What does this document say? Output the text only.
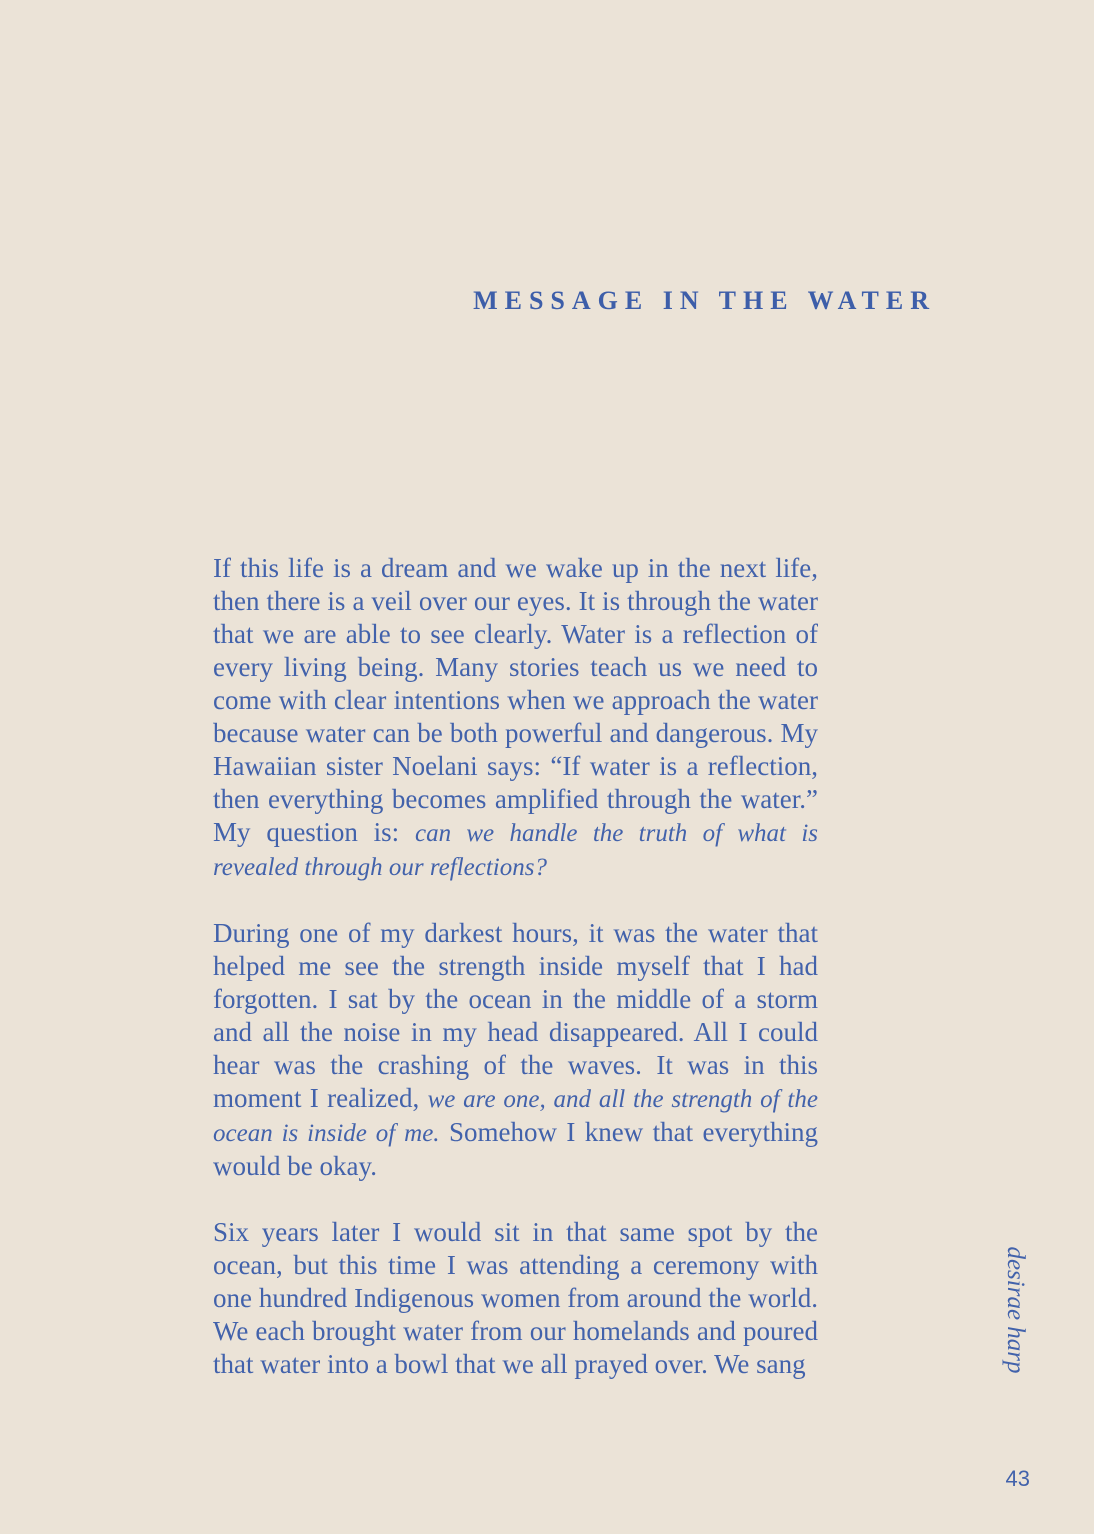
MESSAGE IN THE WATER

If this life is a dream and we wake up in the next life, then there is a veil over our eyes. It is through the water that we are able to see clearly. Water is a reflection of every living being. Many stories teach us we need to come with clear intentions when we approach the water because water can be both powerful and dangerous. My Hawaiian sister Noelani says: “If water is a reflection, then everything becomes amplified through the water.” My question is: can we handle the truth of what is revealed through our reflections?

During one of my darkest hours, it was the water that helped me see the strength inside myself that I had forgotten. I sat by the ocean in the middle of a storm and all the noise in my head disappeared. All I could hear was the crashing of the waves. It was in this moment I realized, we are one, and all the strength of the ocean is inside of me. Somehow I knew that everything would be okay.

Six years later I would sit in that same spot by the ocean, but this time I was attending a ceremony with one hundred Indigenous women from around the world. We each brought water from our homelands and poured that water into a bowl that we all prayed over. We sang	desirae harp
43
